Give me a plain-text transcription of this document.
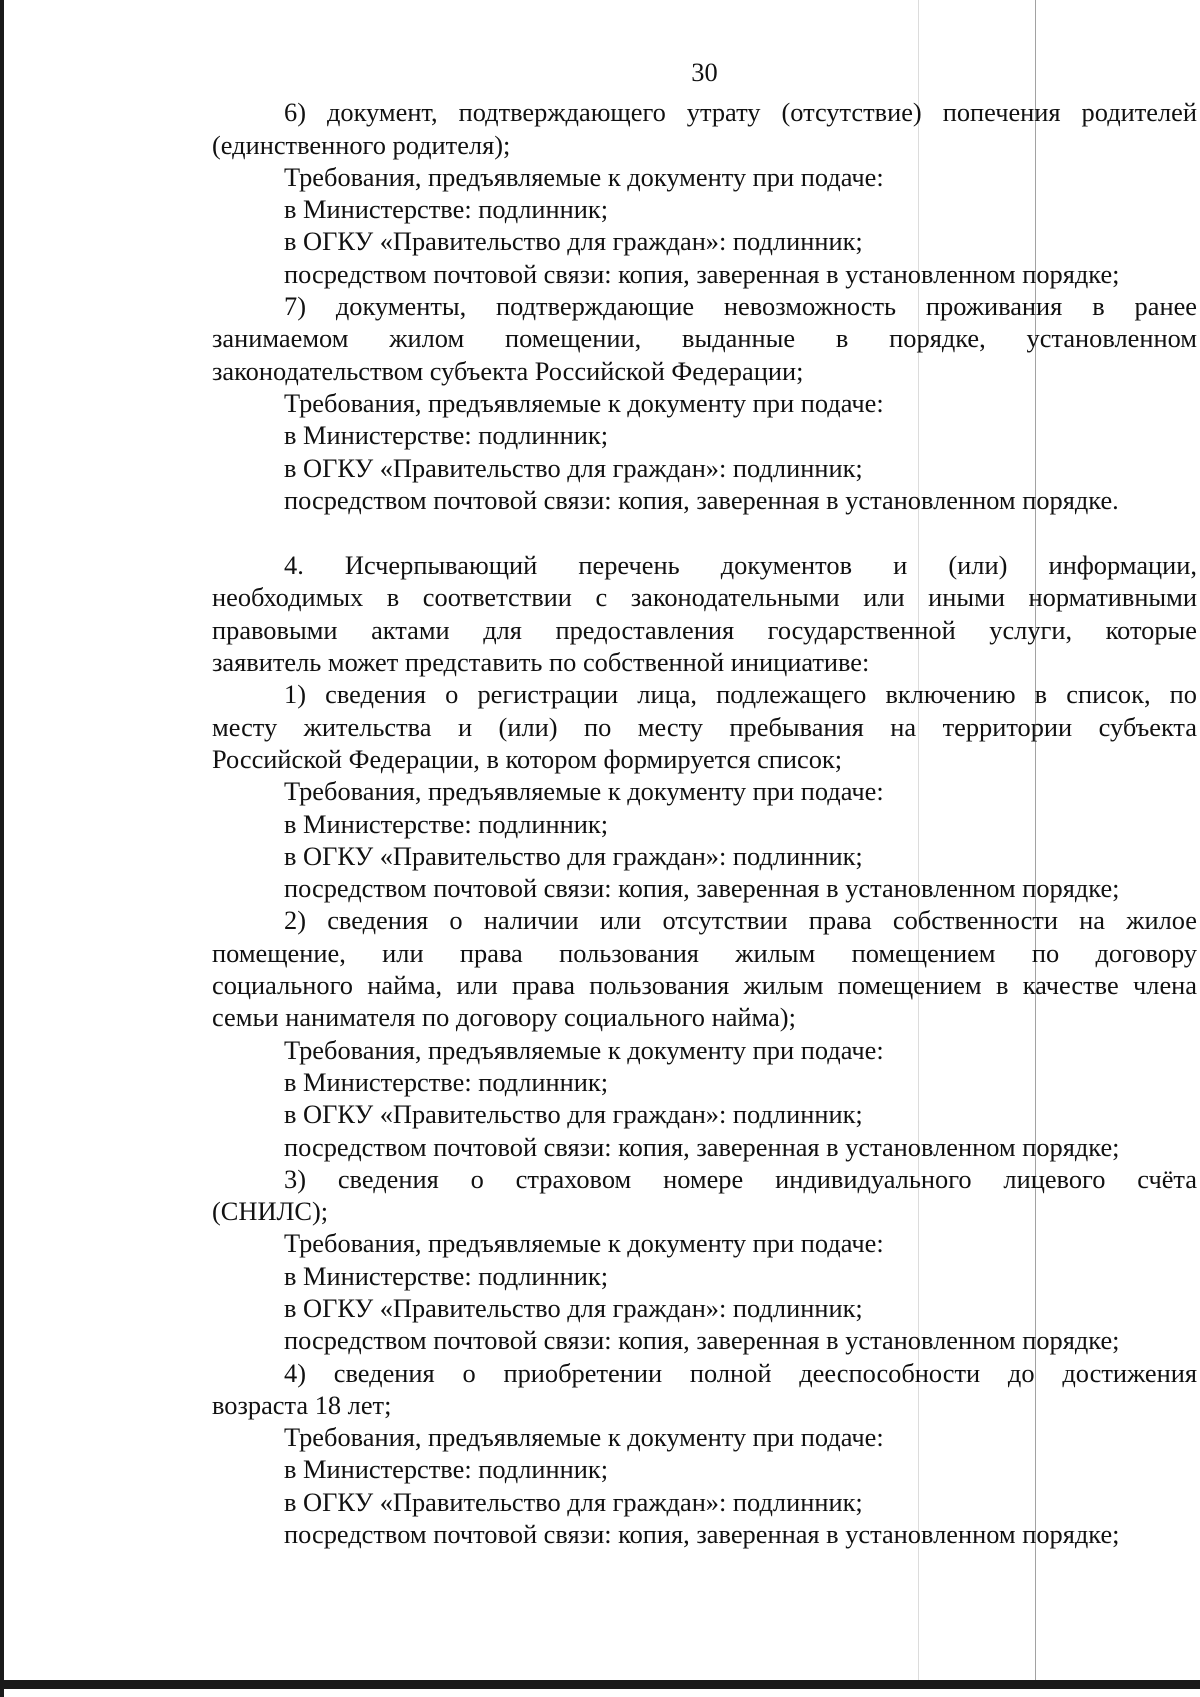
30
6) документ, подтверждающего утрату (отсутствие) попечения родителей
(единственного родителя);
Требования, предъявляемые к документу при подаче:
в Министерстве: подлинник;
в ОГКУ «Правительство для граждан»: подлинник;
посредством почтовой связи: копия, заверенная в установленном порядке;
7) документы, подтверждающие невозможность проживания в ранее
занимаемом жилом помещении, выданные в порядке, установленном
законодательством субъекта Российской Федерации;
Требования, предъявляемые к документу при подаче:
в Министерстве: подлинник;
в ОГКУ «Правительство для граждан»: подлинник;
посредством почтовой связи: копия, заверенная в установленном порядке.
4. Исчерпывающий перечень документов и (или) информации,
необходимых в соответствии с законодательными или иными нормативными
правовыми актами для предоставления государственной услуги, которые
заявитель может представить по собственной инициативе:
1) сведения о регистрации лица, подлежащего включению в список, по
месту жительства и (или) по месту пребывания на территории субъекта
Российской Федерации, в котором формируется список;
Требования, предъявляемые к документу при подаче:
в Министерстве: подлинник;
в ОГКУ «Правительство для граждан»: подлинник;
посредством почтовой связи: копия, заверенная в установленном порядке;
2) сведения о наличии или отсутствии права собственности на жилое
помещение, или права пользования жилым помещением по договору
социального найма, или права пользования жилым помещением в качестве члена
семьи нанимателя по договору социального найма);
Требования, предъявляемые к документу при подаче:
в Министерстве: подлинник;
в ОГКУ «Правительство для граждан»: подлинник;
посредством почтовой связи: копия, заверенная в установленном порядке;
3) сведения о страховом номере индивидуального лицевого счёта
(СНИЛС);
Требования, предъявляемые к документу при подаче:
в Министерстве: подлинник;
в ОГКУ «Правительство для граждан»: подлинник;
посредством почтовой связи: копия, заверенная в установленном порядке;
4) сведения о приобретении полной дееспособности до достижения
возраста 18 лет;
Требования, предъявляемые к документу при подаче:
в Министерстве: подлинник;
в ОГКУ «Правительство для граждан»: подлинник;
посредством почтовой связи: копия, заверенная в установленном порядке;
